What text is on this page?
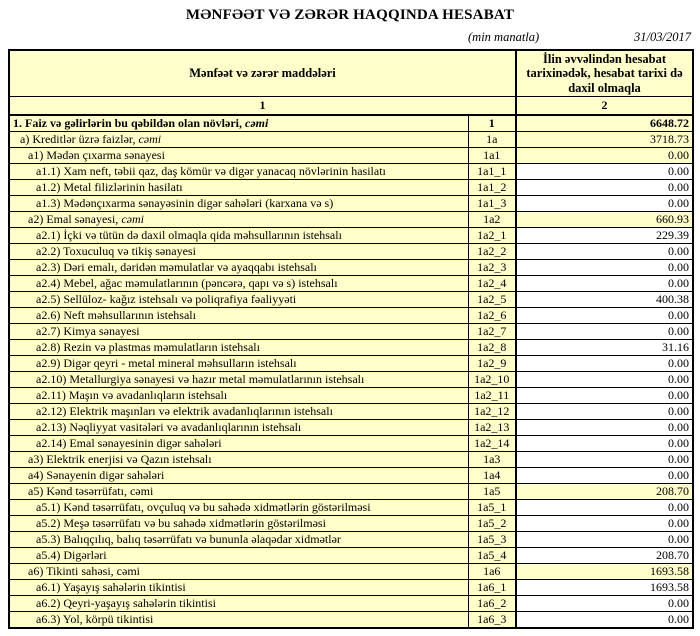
MƏNFƏƏT VƏ ZƏRƏR HAQQINDA HESABAT
(min manatla)	31/03/2017
Mənfəət və zərər maddələri		İlin əvvəlindən hesabat tarixinədək, hesabat tarixi də daxil olmaqla
1		2
1. Faiz və gəlirlərin bu qəbildən olan növləri, cəmi	1	6648.72
a) Kreditlər üzrə faizlər, cəmi	1a	3718.73
a1) Mədən çıxarma sənayesi	1a1	0.00
a1.1) Xam neft, təbii qaz, daş kömür və digər yanacaq növlərinin hasilatı	1a1_1	0.00
a1.2) Metal filizlərinin hasilatı	1a1_2	0.00
a1.3) Mədənçıxarma sənayəsinin digər sahələri (karxana və s)	1a1_3	0.00
a2) Emal sənayesi, cəmi	1a2	660.93
a2.1) İçki və tütün də daxil olmaqla qida məhsullarının istehsalı	1a2_1	229.39
a2.2) Toxuculuq və tikiş sənayesi	1a2_2	0.00
a2.3) Dəri emalı, dəridən məmulatlar və ayaqqabı istehsalı	1a2_3	0.00
a2.4) Mebel, ağac məmulatlarının (pəncərə, qapı və s) istehsalı	1a2_4	0.00
a2.5) Sellüloz- kağız istehsalı və poliqrafiya fəaliyyəti	1a2_5	400.38
a2.6) Neft məhsullarının istehsalı	1a2_6	0.00
a2.7) Kimya sənayesi	1a2_7	0.00
a2.8) Rezin və plastmas məmulatların istehsalı	1a2_8	31.16
a2.9) Digər qeyri - metal mineral məhsulların istehsalı	1a2_9	0.00
a2.10) Metallurgiya sənayesi və hazır metal məmulatlarının istehsalı	1a2_10	0.00
a2.11) Maşın və avadanlıqların istehsalı	1a2_11	0.00
a2.12) Elektrik maşınları və elektrik avadanlıqlarının istehsalı	1a2_12	0.00
a2.13) Nəqliyyat vasitələri və avadanlıqlarının istehsalı	1a2_13	0.00
a2.14) Emal sənayesinin digər sahələri	1a2_14	0.00
a3) Elektrik enerjisi və Qazın istehsalı	1a3	0.00
a4) Sənayenin digər sahələri	1a4	0.00
a5) Kənd təsərrüfatı, cəmi	1a5	208.70
a5.1) Kənd təsərrüfatı, ovçuluq və bu sahədə xidmətlərin göstərilməsi	1a5_1	0.00
a5.2) Meşə təsərrüfatı və bu sahədə xidmətlərin göstərilməsi	1a5_2	0.00
a5.3) Balıqçılıq, balıq təsərrüfatı və bununla əlaqədar xidmətlər	1a5_3	0.00
a5.4) Digərləri	1a5_4	208.70
a6) Tikinti sahəsi, cəmi	1a6	1693.58
a6.1) Yaşayış sahələrin tikintisi	1a6_1	1693.58
a6.2) Qeyri-yaşayış sahələrin tikintisi	1a6_2	0.00
a6.3) Yol, körpü tikintisi	1a6_3	0.00
